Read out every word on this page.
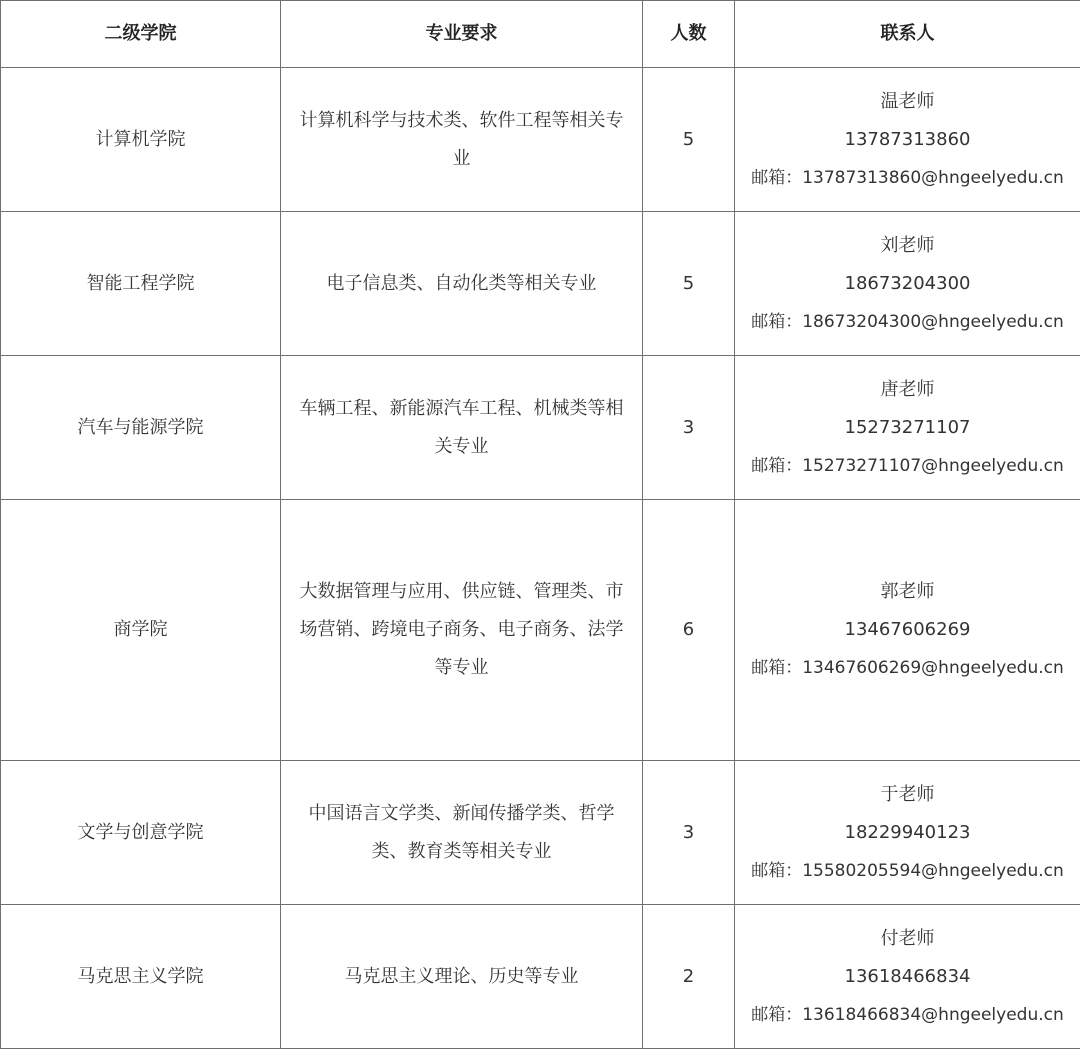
二级学院	专业要求	人数	联系人
计算机学院	计算机科学与技术类、软件工程等相关专业	5	温老师
13787313860
邮箱：13787313860@hngeelyedu.cn

智能工程学院	电子信息类、自动化类等相关专业	5	刘老师
18673204300
邮箱：18673204300@hngeelyedu.cn

汽车与能源学院	车辆工程、新能源汽车工程、机械类等相关专业	3	唐老师
15273271107
邮箱：15273271107@hngeelyedu.cn

商学院	大数据管理与应用、供应链、管理类、市场营销、跨境电子商务、电子商务、法学等专业	6	郭老师
13467606269
邮箱：13467606269@hngeelyedu.cn

文学与创意学院	中国语言文学类、新闻传播学类、哲学类、教育类等相关专业	3	于老师
18229940123
邮箱：15580205594@hngeelyedu.cn

马克思主义学院	马克思主义理论、历史等专业	2	付老师
13618466834
邮箱：13618466834@hngeelyedu.cn
